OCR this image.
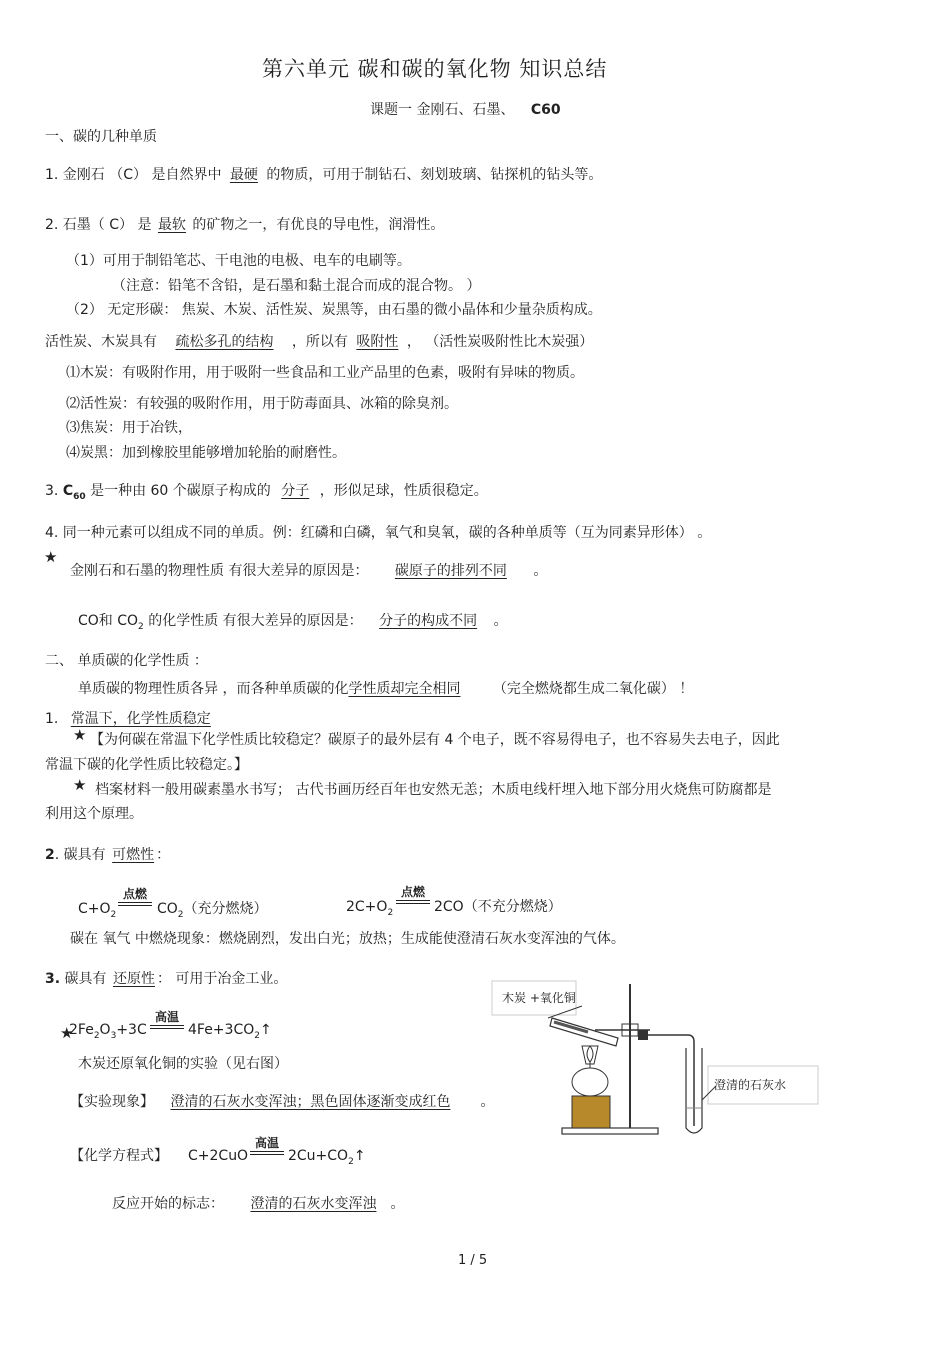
第六单元 碳和碳的氧化物 知识总结
课题一 金刚石、石墨、 C60
一、碳的几种单质
1. 金刚石 （C） 是自然界中 最硬 的物质，可用于制钻石、刻划玻璃、钻探机的钻头等。
2. 石墨（ C） 是 最软 的矿物之一，有优良的导电性，润滑性。
（1）可用于制铅笔芯、干电池的电极、电车的电刷等。
（注意：铅笔不含铅，是石墨和黏土混合而成的混合物。 ）
（2） 无定形碳： 焦炭、木炭、活性炭、炭黑等，由石墨的微小晶体和少量杂质构成。
活性炭、木炭具有 疏松多孔的结构 ，所以有 吸附性 ， （活性炭吸附性比木炭强）
⑴木炭：有吸附作用，用于吸附一些食品和工业产品里的色素，吸附有异味的物质。
⑵活性炭：有较强的吸附作用，用于防毒面具、冰箱的除臭剂。
⑶焦炭：用于冶铁，
⑷炭黑：加到橡胶里能够增加轮胎的耐磨性。
3. $C_{60}$ 是一种由 60 个碳原子构成的 分子 ，形似足球，性质很稳定。
4. 同一种元素可以组成不同的单质。例：红磷和白磷，氧气和臭氧，碳的各种单质等（互为同素异形体） 。
★
金刚石和石墨的物理性质 有很大差异的原因是： 碳原子的排列不同 。
CO和 $CO_2$ 的化学性质 有很大差异的原因是： 分子的构成不同 。
二、 单质碳的化学性质 ：
单质碳的物理性质各异 ，而各种单质碳的化学性质却完全相同 （完全燃烧都生成二氧化碳） ！
1. 常温下，化学性质稳定
★ 【为何碳在常温下化学性质比较稳定？碳原子的最外层有 4 个电子，既不容易得电子，也不容易失去电子，因此
常温下碳的化学性质比较稳定。】
★ 档案材料一般用碳素墨水书写； 古代书画历经百年也安然无恙；木质电线杆埋入地下部分用火烧焦可防腐都是
利用这个原理。
2. 碳具有 可燃性 ：
$C+O_2$
点燃
$CO_2$（充分燃烧）	$2C+O_2$
点燃
2CO（不充分燃烧）
碳在 氧气 中燃烧现象：燃烧剧烈，发出白光；放热；生成能使澄清石灰水变浑浊的气体。
3. 碳具有 还原性 ： 可用于冶金工业。
★
$2Fe_2O_3+3C$
高温
$4Fe+3CO_2↑$
木炭还原氧化铜的实验（见右图）
【实验现象】 澄清的石灰水变浑浊；黑色固体逐渐变成红色 。
【化学方程式】 C+2CuO
高温
$2Cu+CO_2↑$
反应开始的标志： 澄清的石灰水变浑浊 。
木炭 +氧化铜
澄清的石灰水
1 / 5
